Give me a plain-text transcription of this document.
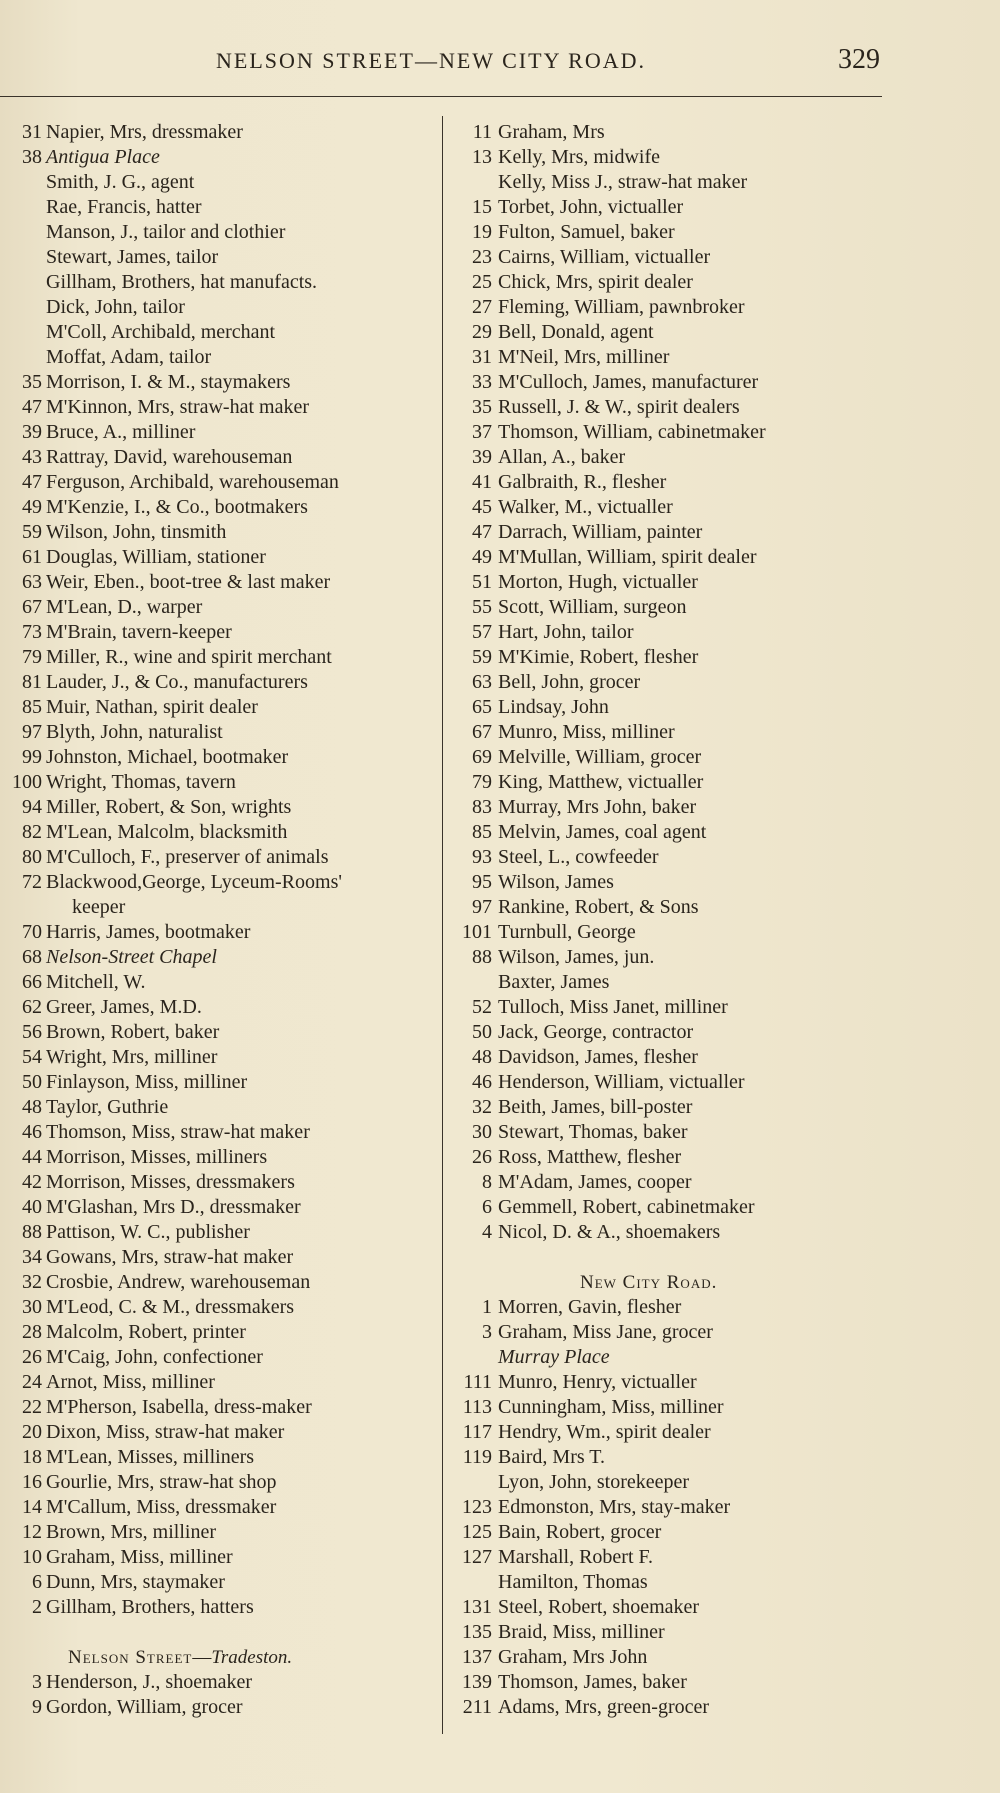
NELSON STREET—NEW CITY ROAD.	329
31 Napier, Mrs, dressmaker
38 Antigua Place
Smith, J. G., agent
Rae, Francis, hatter
Manson, J., tailor and clothier
Stewart, James, tailor
Gillham, Brothers, hat manufacts.
Dick, John, tailor
M'Coll, Archibald, merchant
Moffat, Adam, tailor
35 Morrison, I. & M., staymakers
47 M'Kinnon, Mrs, straw-hat maker
39 Bruce, A., milliner
43 Rattray, David, warehouseman
47 Ferguson, Archibald, warehouseman
49 M'Kenzie, I., & Co., bootmakers
59 Wilson, John, tinsmith
61 Douglas, William, stationer
63 Weir, Eben., boot-tree & last maker
67 M'Lean, D., warper
73 M'Brain, tavern-keeper
79 Miller, R., wine and spirit merchant
81 Lauder, J., & Co., manufacturers
85 Muir, Nathan, spirit dealer
97 Blyth, John, naturalist
99 Johnston, Michael, bootmaker
100 Wright, Thomas, tavern
94 Miller, Robert, & Son, wrights
82 M'Lean, Malcolm, blacksmith
80 M'Culloch, F., preserver of animals
72 Blackwood,George, Lyceum-Rooms'
keeper
70 Harris, James, bootmaker
68 Nelson-Street Chapel
66 Mitchell, W.
62 Greer, James, M.D.
56 Brown, Robert, baker
54 Wright, Mrs, milliner
50 Finlayson, Miss, milliner
48 Taylor, Guthrie
46 Thomson, Miss, straw-hat maker
44 Morrison, Misses, milliners
42 Morrison, Misses, dressmakers
40 M'Glashan, Mrs D., dressmaker
88 Pattison, W. C., publisher
34 Gowans, Mrs, straw-hat maker
32 Crosbie, Andrew, warehouseman
30 M'Leod, C. & M., dressmakers
28 Malcolm, Robert, printer
26 M'Caig, John, confectioner
24 Arnot, Miss, milliner
22 M'Pherson, Isabella, dress-maker
20 Dixon, Miss, straw-hat maker
18 M'Lean, Misses, milliners
16 Gourlie, Mrs, straw-hat shop
14 M'Callum, Miss, dressmaker
12 Brown, Mrs, milliner
10 Graham, Miss, milliner
6 Dunn, Mrs, staymaker
2 Gillham, Brothers, hatters
Nelson Street—Tradeston.
3 Henderson, J., shoemaker
9 Gordon, William, grocer
11 Graham, Mrs
13 Kelly, Mrs, midwife
Kelly, Miss J., straw-hat maker
15 Torbet, John, victualler
19 Fulton, Samuel, baker
23 Cairns, William, victualler
25 Chick, Mrs, spirit dealer
27 Fleming, William, pawnbroker
29 Bell, Donald, agent
31 M'Neil, Mrs, milliner
33 M'Culloch, James, manufacturer
35 Russell, J. & W., spirit dealers
37 Thomson, William, cabinetmaker
39 Allan, A., baker
41 Galbraith, R., flesher
45 Walker, M., victualler
47 Darrach, William, painter
49 M'Mullan, William, spirit dealer
51 Morton, Hugh, victualler
55 Scott, William, surgeon
57 Hart, John, tailor
59 M'Kimie, Robert, flesher
63 Bell, John, grocer
65 Lindsay, John
67 Munro, Miss, milliner
69 Melville, William, grocer
79 King, Matthew, victualler
83 Murray, Mrs John, baker
85 Melvin, James, coal agent
93 Steel, L., cowfeeder
95 Wilson, James
97 Rankine, Robert, & Sons
101 Turnbull, George
88 Wilson, James, jun.
Baxter, James
52 Tulloch, Miss Janet, milliner
50 Jack, George, contractor
48 Davidson, James, flesher
46 Henderson, William, victualler
32 Beith, James, bill-poster
30 Stewart, Thomas, baker
26 Ross, Matthew, flesher
8 M'Adam, James, cooper
6 Gemmell, Robert, cabinetmaker
4 Nicol, D. & A., shoemakers
New City Road.
1 Morren, Gavin, flesher
3 Graham, Miss Jane, grocer
Murray Place
111 Munro, Henry, victualler
113 Cunningham, Miss, milliner
117 Hendry, Wm., spirit dealer
119 Baird, Mrs T.
Lyon, John, storekeeper
123 Edmonston, Mrs, stay-maker
125 Bain, Robert, grocer
127 Marshall, Robert F.
Hamilton, Thomas
131 Steel, Robert, shoemaker
135 Braid, Miss, milliner
137 Graham, Mrs John
139 Thomson, James, baker
211 Adams, Mrs, green-grocer
